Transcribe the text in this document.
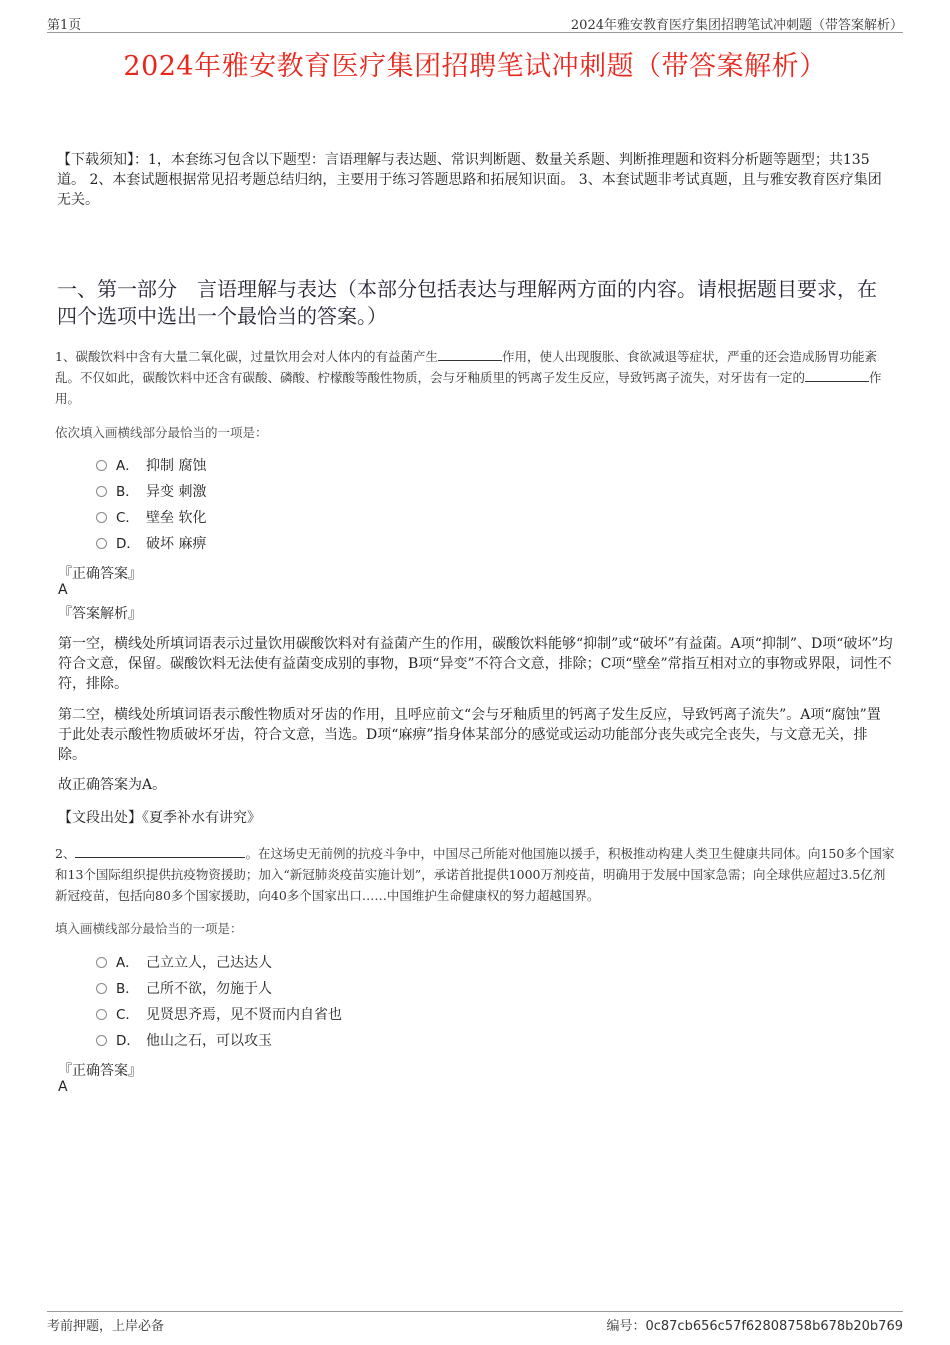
第1页	2024年雅安教育医疗集团招聘笔试冲刺题（带答案解析）
2024年雅安教育医疗集团招聘笔试冲刺题（带答案解析）
【下载须知】：1，本套练习包含以下题型：言语理解与表达题、常识判断题、数量关系题、判断推理题和资料分析题等题型；共135道。 2、本套试题根据常见招考题总结归纳，主要用于练习答题思路和拓展知识面。 3、本套试题非考试真题，且与雅安教育医疗集团无关。
一、第一部分　言语理解与表达（本部分包括表达与理解两方面的内容。请根据题目要求，在四个选项中选出一个最恰当的答案。）
1、碳酸饮料中含有大量二氧化碳，过量饮用会对人体内的有益菌产生	作用，使人出现腹胀、食欲减退等症状，严重的还会造成肠胃功能紊乱。不仅如此，碳酸饮料中还含有碳酸、磷酸、柠檬酸等酸性物质，会与牙釉质里的钙离子发生反应，导致钙离子流失，对牙齿有一定的	作用。
依次填入画横线部分最恰当的一项是：
A． 抑制 腐蚀
B． 异变 刺激
C． 壁垒 软化
D． 破坏 麻痹
『正确答案』
A
『答案解析』
第一空，横线处所填词语表示过量饮用碳酸饮料对有益菌产生的作用，碳酸饮料能够“抑制”或“破坏”有益菌。A项“抑制”、D项“破坏”均符合文意，保留。碳酸饮料无法使有益菌变成别的事物，B项“异变”不符合文意，排除；C项“壁垒”常指互相对立的事物或界限，词性不符，排除。
第二空，横线处所填词语表示酸性物质对牙齿的作用，且呼应前文“会与牙釉质里的钙离子发生反应，导致钙离子流失”。A项“腐蚀”置于此处表示酸性物质破坏牙齿，符合文意，当选。D项“麻痹”指身体某部分的感觉或运动功能部分丧失或完全丧失，与文意无关，排除。
故正确答案为A。
【文段出处】《夏季补水有讲究》
2、	。在这场史无前例的抗疫斗争中，中国尽己所能对他国施以援手，积极推动构建人类卫生健康共同体。向150多个国家和13个国际组织提供抗疫物资援助；加入“新冠肺炎疫苗实施计划”，承诺首批提供1000万剂疫苗，明确用于发展中国家急需；向全球供应超过3.5亿剂新冠疫苗，包括向80多个国家援助，向40多个国家出口……中国维护生命健康权的努力超越国界。
填入画横线部分最恰当的一项是：
A． 己立立人，己达达人
B． 己所不欲，勿施于人
C． 见贤思齐焉，见不贤而内自省也
D． 他山之石，可以攻玉
『正确答案』
A
考前押题，上岸必备	编号：0c87cb656c57f62808758b678b20b769
